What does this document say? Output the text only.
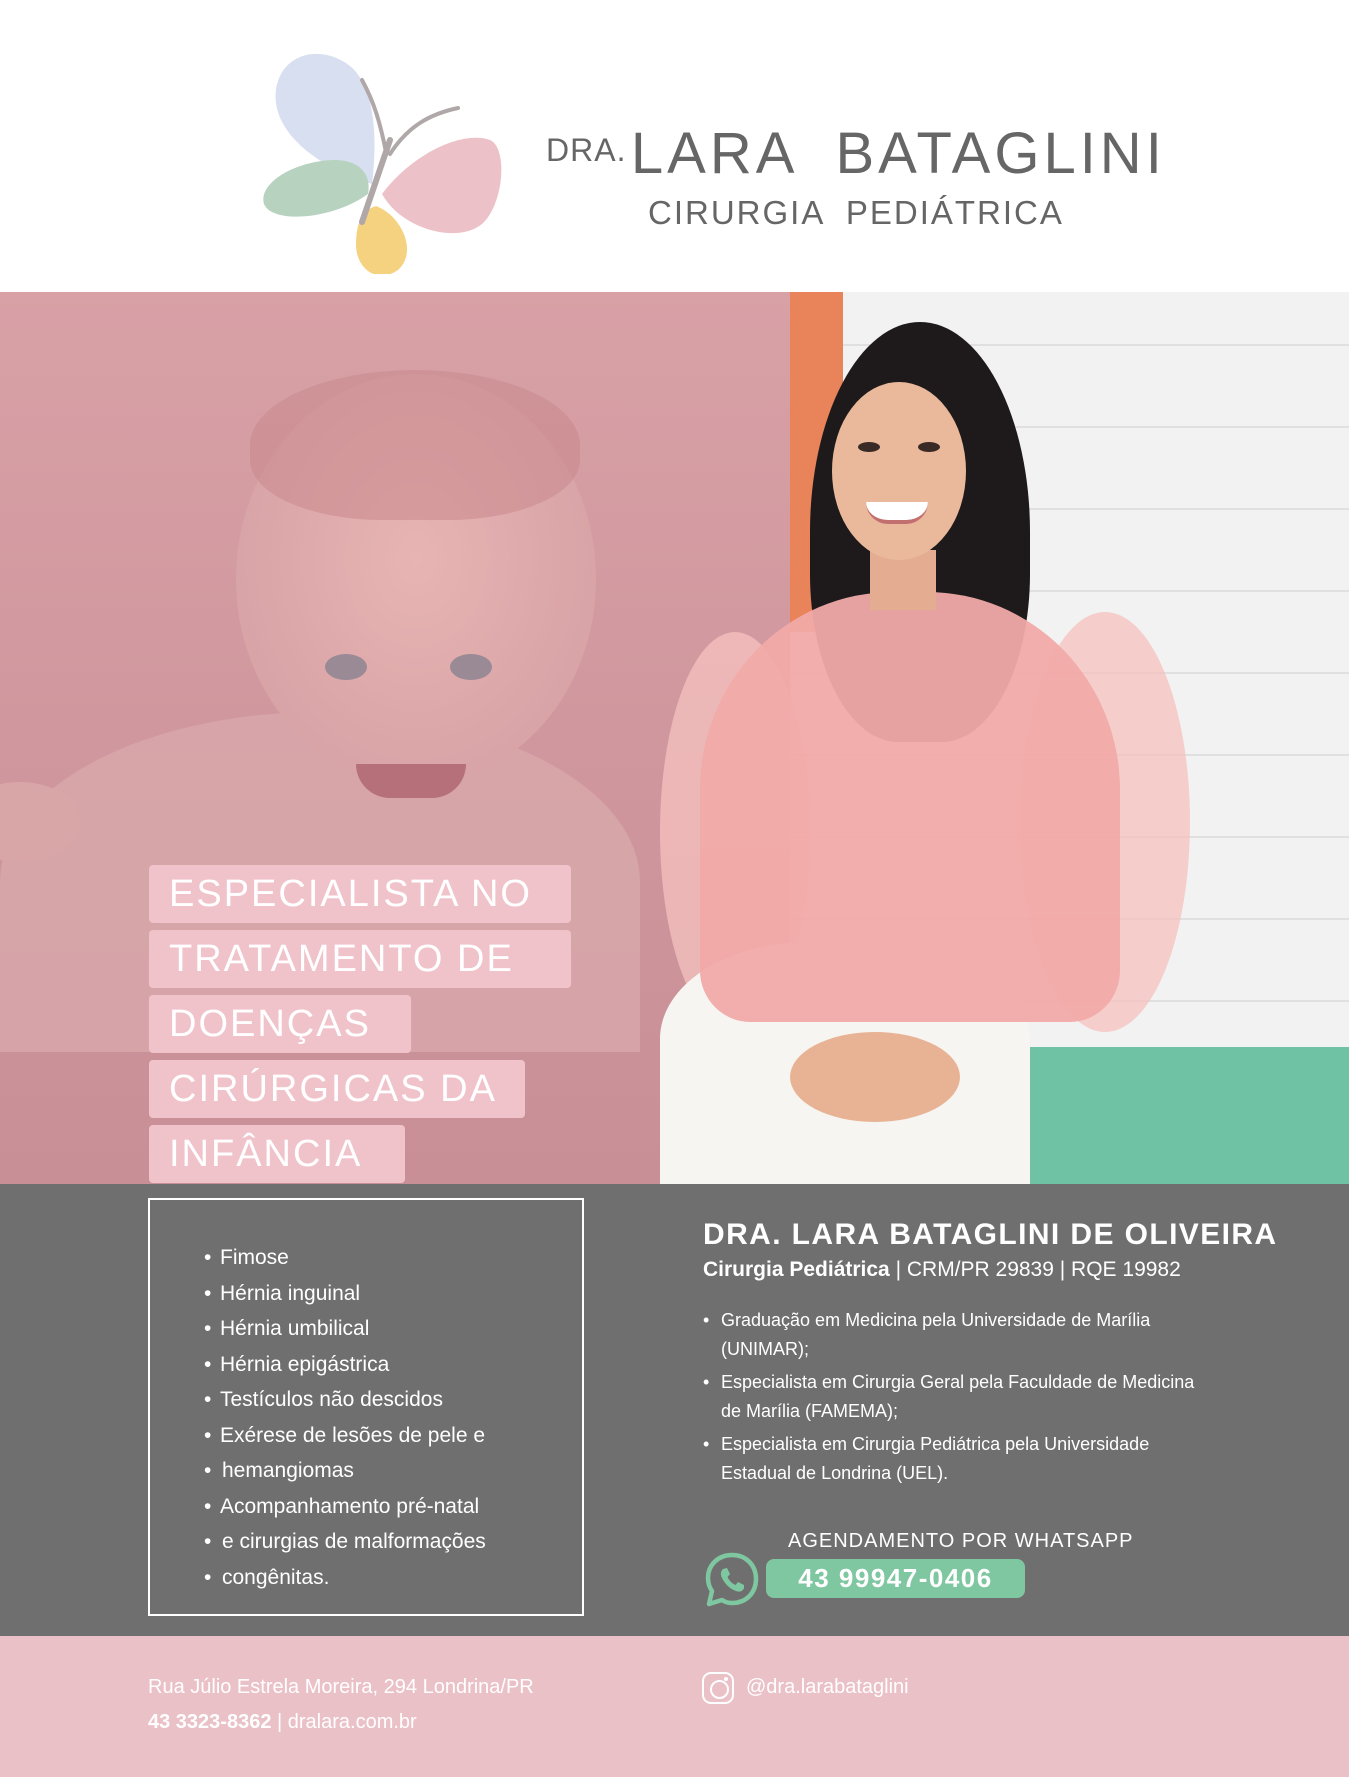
DRA. LARA  BATAGLINI
CIRURGIA  PEDIÁTRICA
ESPECIALISTA NO
TRATAMENTO DE
DOENÇAS
CIRÚRGICAS DA
INFÂNCIA
• Fimose
• Hérnia inguinal
• Hérnia umbilical
• Hérnia epigástrica
• Testículos não descidos
• Exérese de lesões de pele e
• hemangiomas
• Acompanhamento pré-natal
• e cirurgias de malformações
• congênitas.
DRA. LARA BATAGLINI DE OLIVEIRA
Cirurgia Pediátrica | CRM/PR 29839 | RQE 19982
• Graduação em Medicina pela Universidade de Marília (UNIMAR);
• Especialista em Cirurgia Geral pela Faculdade de Medicina de Marília (FAMEMA);
• Especialista em Cirurgia Pediátrica pela Universidade Estadual de Londrina (UEL).
AGENDAMENTO POR WHATSAPP
43 99947-0406
Rua Júlio Estrela Moreira, 294 Londrina/PR
43 3323-8362 | dralara.com.br
@dra.larabataglini
